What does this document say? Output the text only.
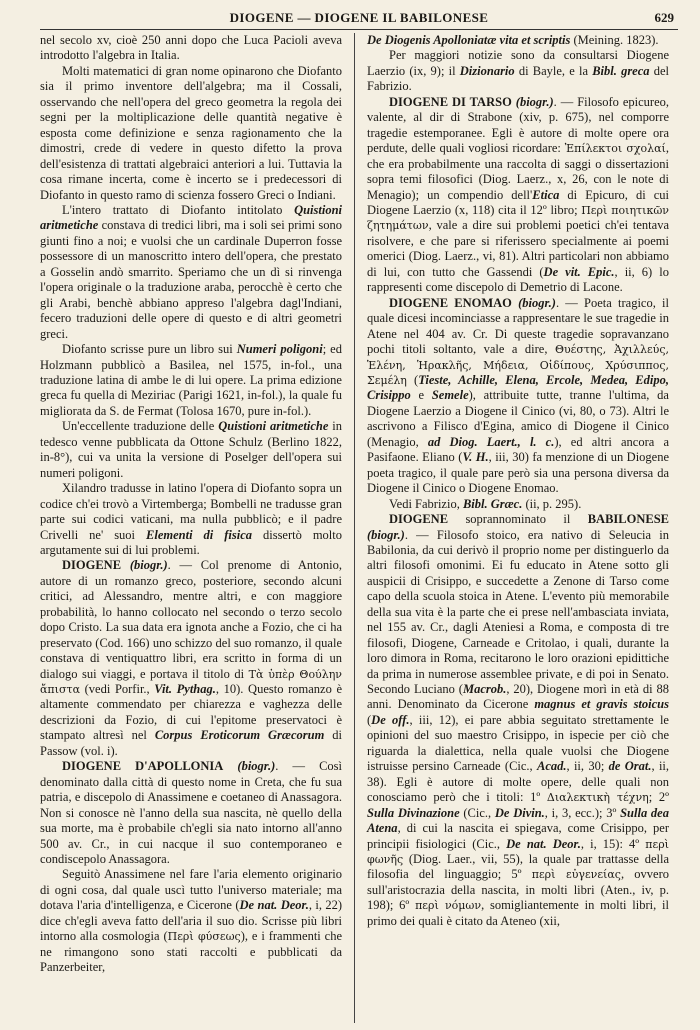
DIOGENE — DIOGENE IL BABILONESE	629

nel secolo xv, cioè 250 anni dopo che Luca Pacioli aveva introdotto l'algebra in Italia.

Molti matematici di gran nome opinarono che Diofanto sia il primo inventore dell'algebra; ma il Cossali, osservando che nell'opera del greco geometra la regola dei segni per la moltiplicazione delle quantità negative è esposta come definizione e senza ragionamento che la dimostri, crede di vedere in questo difetto la prova dell'esistenza di trattati algebraici anteriori a lui. Tuttavia la cosa rimane incerta, come è incerto se i predecessori di Diofanto in questo ramo di scienza fossero Greci o Indiani.

L'intero trattato di Diofanto intitolato Quistioni aritmetiche constava di tredici libri, ma i soli sei primi sono giunti fino a noi; e vuolsi che un cardinale Duperron fosse possessore di un manoscritto intero dell'opera, che prestato a Gosselin andò smarrito. Speriamo che un dì si rinvenga l'opera originale o la traduzione araba, perocchè è certo che gli Arabi, benchè abbiano appreso l'algebra dagl'Indiani, fecero traduzioni delle opere di questo e di altri geometri greci.

Diofanto scrisse pure un libro sui Numeri poligoni; ed Holzmann pubblicò a Basilea, nel 1575, in-fol., una traduzione latina di ambe le di lui opere. La prima edizione greca fu quella di Meziriac (Parigi 1621, in-fol.), la quale fu migliorata da S. de Fermat (Tolosa 1670, pure in-fol.).

Un'eccellente traduzione delle Quistioni aritmetiche in tedesco venne pubblicata da Ottone Schulz (Berlino 1822, in-8°), cui va unita la versione di Poselger dell'opera sui numeri poligoni.

Xilandro tradusse in latino l'opera di Diofanto sopra un codice ch'ei trovò a Virtemberga; Bombelli ne tradusse gran parte sui codici vaticani, ma nulla pubblicò; e il padre Crivelli ne' suoi Elementi di fisica dissertò molto argutamente sui di lui problemi.

DIOGENE (biogr.). — Col prenome di Antonio, autore di un romanzo greco, posteriore, secondo alcuni critici, ad Alessandro, mentre altri, e con maggiore probabilità, lo hanno collocato nel secondo o terzo secolo dopo Cristo. La sua data era ignota anche a Fozio, che ci ha preservato (Cod. 166) uno schizzo del suo romanzo, il quale constava di ventiquattro libri, era scritto in forma di un dialogo sui viaggi, e portava il titolo di Τὰ ὑπὲρ Θούλην ἄπιστα (vedi Porfir., Vit. Pythag., 10). Questo romanzo è altamente commendato per chiarezza e vaghezza delle descrizioni da Fozio, di cui l'epitome preservatoci è stampato altresì nel Corpus Eroticorum Græcorum di Passow (vol. i).

DIOGENE D'APOLLONIA (biogr.). — Così denominato dalla città di questo nome in Creta, che fu sua patria, e discepolo di Anassimene e coetaneo di Anassagora. Non si conosce nè l'anno della sua nascita, nè quello della sua morte, ma è probabile ch'egli sia nato intorno all'anno 500 av. Cr., in cui nacque il suo contemporaneo e condiscepolo Anassagora.

Seguitò Anassimene nel fare l'aria elemento originario di ogni cosa, dal quale uscì tutto l'universo materiale; ma dotava l'aria d'intelligenza, e Cicerone (De nat. Deor., i, 22) dice ch'egli aveva fatto dell'aria il suo dio. Scrisse più libri intorno alla cosmologia (Περὶ φύσεως), e i frammenti che ne rimangono sono stati raccolti e pubblicati da Panzerbeiter,

De Diogenis Apolloniatæ vita et scriptis (Meining. 1823).

Per maggiori notizie sono da consultarsi Diogene Laerzio (ix, 9); il Dizionario di Bayle, e la Bibl. greca del Fabrizio.

DIOGENE DI TARSO (biogr.). — Filosofo epicureo, valente, al dir di Strabone (xiv, p. 675), nel comporre tragedie estemporanee. Egli è autore di molte opere ora perdute, delle quali vogliosi ricordare: Ἐπίλεκτοι σχολαί, che era probabilmente una raccolta di saggi o dissertazioni sopra temi filosofici (Diog. Laerz., x, 26, con le note di Menagio); un compendio dell'Etica di Epicuro, di cui Diogene Laerzio (x, 118) cita il 12º libro; Περὶ ποιητικῶν ζητημάτων, vale a dire sui problemi poetici ch'ei tentava risolvere, e che pare si riferissero specialmente ai poemi omerici (Diog. Laerz., vi, 81). Altri particolari non abbiamo di lui, con tutto che Gassendi (De vit. Epic., ii, 6) lo rappresenti come discepolo di Demetrio di Lacone.

DIOGENE ENOMAO (biogr.). — Poeta tragico, il quale dicesi incominciasse a rappresentare le sue tragedie in Atene nel 404 av. Cr. Di queste tragedie sopravanzano pochi titoli soltanto, vale a dire, Θυέστης, Ἀχιλλεύς, Ἑλένη, Ἡρακλῆς, Μήδεια, Οἰδίπους, Χρύσιππος, Σεμέλη (Tieste, Achille, Elena, Ercole, Medea, Edipo, Crisippo e Semele), attribuite tutte, tranne l'ultima, da Diogene Laerzio a Diogene il Cinico (vi, 80, o 73). Altri le ascrivono a Filisco d'Egina, amico di Diogene il Cinico (Menagio, ad Diog. Laert., l. c.), ed altri ancora a Pasifaone. Eliano (V. H., iii, 30) fa menzione di un Diogene poeta tragico, il quale pare però sia una persona diversa da Diogene il Cinico o Diogene Enomao.

Vedi Fabrizio, Bibl. Græc. (ii, p. 295).

DIOGENE soprannominato il BABILONESE (biogr.). — Filosofo stoico, era nativo di Seleucia in Babilonia, da cui derivò il proprio nome per distinguerlo da altri filosofi omonimi. Ei fu educato in Atene sotto gli auspicii di Crisippo, e succedette a Zenone di Tarso come capo della scuola stoica in Atene. L'evento più memorabile della sua vita è la parte che ei prese nell'ambasciata inviata, nel 155 av. Cr., dagli Ateniesi a Roma, e composta di tre filosofi, Diogene, Carneade e Critolao, i quali, durante la loro dimora in Roma, recitarono le loro orazioni epidittiche da prima in numerose assemblee private, e di poi in Senato. Secondo Luciano (Macrob., 20), Diogene morì in età di 88 anni. Denominato da Cicerone magnus et gravis stoicus (De off., iii, 12), ei pare abbia seguitato strettamente le opinioni del suo maestro Crisippo, in ispecie per ciò che riguarda la dialettica, nella quale vuolsi che Diogene istruisse persino Carneade (Cic., Acad., ii, 30; de Orat., ii, 38). Egli è autore di molte opere, delle quali non conosciamo però che i titoli: 1º Διαλεκτικὴ τέχνη; 2º Sulla Divinazione (Cic., De Divin., i, 3, ecc.); 3º Sulla dea Atena, di cui la nascita ei spiegava, come Crisippo, per principii fisiologici (Cic., De nat. Deor., i, 15): 4º περὶ φωνῆς (Diog. Laer., vii, 55), la quale par trattasse della filosofia del linguaggio; 5º περὶ εὐγενείας, ovvero sull'aristocrazia della nascita, in molti libri (Aten., iv, p. 198); 6º περὶ νόμων, somigliantemente in molti libri, il primo dei quali è citato da Ateneo (xii,
